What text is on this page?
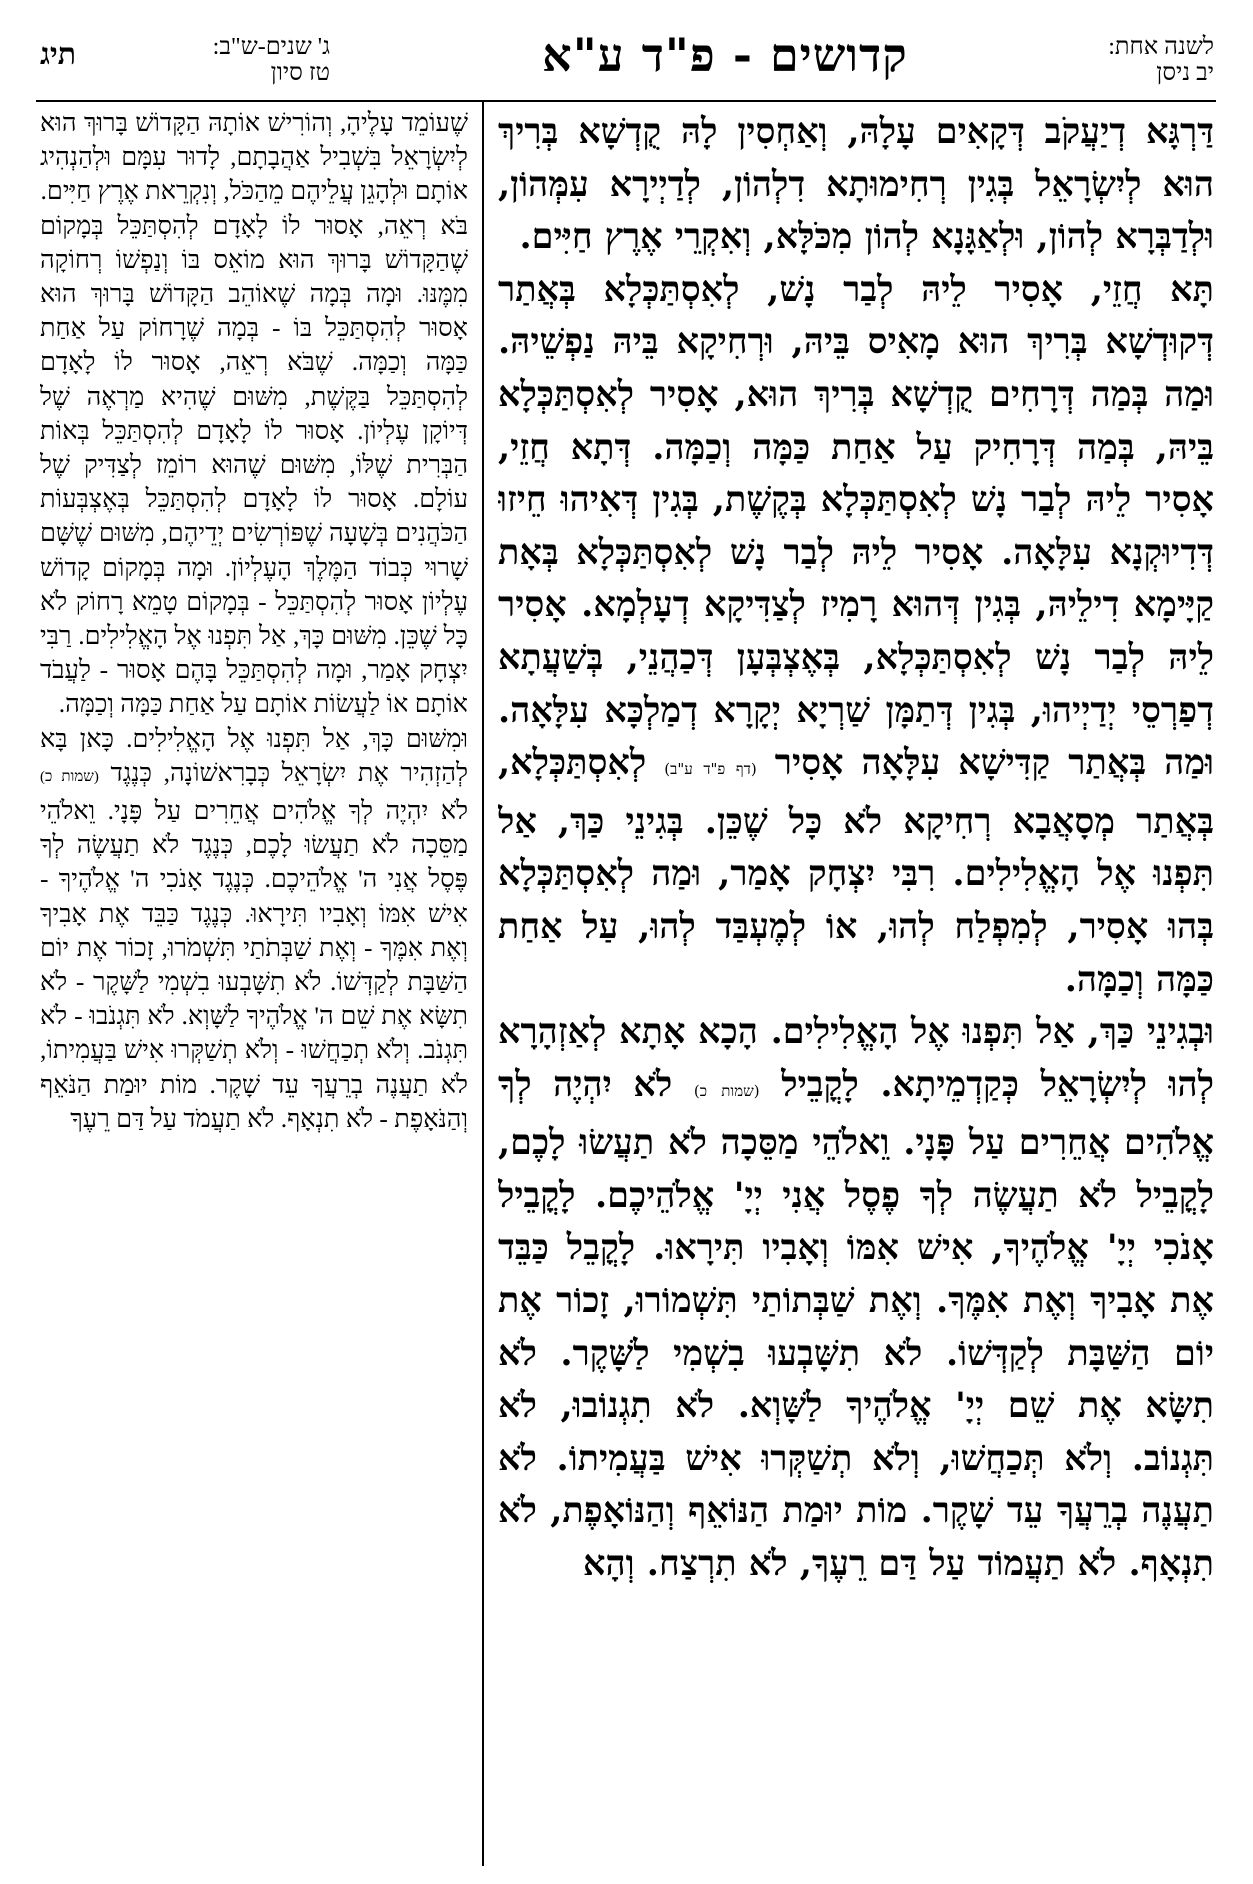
תיג	ג' שנים-ש"ב:
טז סיון	קדושים - פ"ד ע"א	לשנה אחת:
יב ניסן

דַּרְגָּא דְיַעֲקֹב דְּקָאִים עָלָהּ, וְאַחְסִין לָהּ קֻדְשָׁא בְּרִיךְ הוּא לְיִשְׂרָאֵל בְּגִין רְחִימוּתָא דִלְהוֹן, לְדַיְירָא עִמְּהוֹן, וּלְדַבְּרָא לְהוֹן, וּלְאַגָּנָא לְהוֹן מִכֹּלָּא, וְאִקְרֵי אֶרֶץ חַיִּים.

תָּא חֲזֵי, אָסִיר לֵיהּ לְבַר נָשׁ, לְאִסְתַּכְּלָא בְּאֲתַר דְּקוּדְשָׁא בְּרִיךְ הוּא מָאִיס בֵּיהּ, וּרְחִיקָא בֵּיהּ נַפְשֵׁיהּ. וּמַה בְּמַה דְּרָחִים קֻדְשָׁא בְּרִיךְ הוּא, אָסִיר לְאִסְתַּכְּלָא בֵּיהּ, בְּמַה דְּרָחִיק עַל אַחַת כַּמָּה וְכַמָּה. דְּתָא חֲזֵי, אָסִיר לֵיהּ לְבַר נָשׁ לְאִסְתַּכְּלָא בְּקֶשֶׁת, בְּגִין דְּאִיהוּ חֵיזוּ דְּדִיוּקְנָא עִלָּאָה. אָסִיר לֵיהּ לְבַר נָשׁ לְאִסְתַּכְּלָא בְּאָת קַיָּימָא דִילֵיהּ, בְּגִין דְּהוּא רָמִיז לְצַדִּיקָא דְעָלְמָא. אָסִיר לֵיהּ לְבַר נָשׁ לְאִסְתַּכְּלָא, בְּאֶצְבְּעָן דְּכַהֲנֵי, בְּשַׁעֲתָא דְפַרְסֵי יְדַיְיהוּ, בְּגִין דְּתַמָּן שַׁרְיָא יְקָרָא דְמַלְכָּא עִלָּאָה. וּמַה בְּאֲתַר קַדִּישָׁא עִלָּאָה אָסִיר (דף פ"ד ע"ב) לְאִסְתַּכְּלָא, בְּאֲתַר מְסָאֲבָא רְחִיקָא לֹא כָּל שֶׁכֵּן. בְּגִינֵי כַּךְ, אַל תִּפְנוּ אֶל הָאֱלִילִים. רִבִּי יִצְחָק אָמַר, וּמַה לְאִסְתַּכְּלָא בְּהוּ אָסִיר, לְמִפְלַח לְהוּ, אוֹ לְמֶעְבַּד לְהוּ, עַל אַחַת כַּמָּה וְכַמָּה.

וּבְגִינֵי כַּךְ, אַל תִּפְנוּ אֶל הָאֱלִילִים. הָכָא אָתָא לְאַזְהָרָא לְהוּ לְיִשְׂרָאֵל כְּקַדְמֵיתָא. לָקֳבֵיל (שמות כ) לֹא יִהְיֶה לְךָ אֱלֹהִים אֲחֵרִים עַל פָּנָי. וֵאלֹהֵי מַסֵּכָה לֹא תַעֲשׂוּ לָכֶם, לָקֳבֵיל לֹא תַעֲשֶׂה לְךָ פֶסֶל אֲנִי יְיָ' אֱלֹהֵיכֶם. לָקֳבֵיל אָנֹכִי יְיָ' אֱלֹהֶיךָ, אִישׁ אִמּוֹ וְאָבִיו תִּירָאוּ. לָקֳבֵל כַּבֵּד אֶת אָבִיךָ וְאֶת אִמֶּךָ. וְאֶת שַׁבְּתוֹתַי תִּשְׁמוֹרוּ, זָכוֹר אֶת יוֹם הַשַּׁבָּת לְקַדְּשׁוֹ. לֹא תִשָּׁבְעוּ בִשְׁמִי לַשָּׁקֶר. לֹא תִשָּׂא אֶת שֵׁם יְיָ' אֱלֹהֶיךָ לַשָּׁוְא. לֹא תִגְנוֹבוּ, לֹא תִּגְנוֹב. וְלֹא תְּכַחֲשׁוּ, וְלֹא תְשַׁקְּרוּ אִישׁ בַּעֲמִיתוֹ. לֹא תַעֲנֶה בְרֵעֲךָ עֵד שָׁקֶר. מוֹת יוּמַת הַנּוֹאֵף וְהַנּוֹאָפֶת, לֹא תִנְאָף. לֹא תַעֲמוֹד עַל דַּם רֵעֶךָ, לֹא תִרְצַח. וְהָא

שֶׁעוֹמֵד עָלֶיהָ, וְהוֹרִישׁ אוֹתָהּ הַקָּדוֹשׁ בָּרוּךְ הוּא לְיִשְׂרָאֵל בִּשְׁבִיל אַהֲבָתָם, לָדוּר עִמָּם וּלְהַנְהִיג אוֹתָם וּלְהָגֵן עֲלֵיהֶם מֵהַכֹּל, וְנִקְרֵאת אֶרֶץ חַיִּים.

בֹּא רְאֵה, אָסוּר לוֹ לָאָדָם לְהִסְתַּכֵּל בְּמָקוֹם שֶׁהַקָּדוֹשׁ בָּרוּךְ הוּא מוֹאֵס בּוֹ וְנַפְשׁוֹ רְחוֹקָה מִמֶּנּוּ. וּמָה בְּמָה שֶׁאוֹהֵב הַקָּדוֹשׁ בָּרוּךְ הוּא אָסוּר לְהִסְתַּכֵּל בּוֹ - בְּמָה שֶׁרָחוֹק עַל אַחַת כַּמָּה וְכַמָּה. שֶׁבֹּא רְאֵה, אָסוּר לוֹ לָאָדָם לְהִסְתַּכֵּל בַּקֶּשֶׁת, מִשּׁוּם שֶׁהִיא מַרְאֶה שֶׁל דְּיוֹקָן עֶלְיוֹן. אָסוּר לוֹ לָאָדָם לְהִסְתַּכֵּל בְּאוֹת הַבְּרִית שֶׁלּוֹ, מִשּׁוּם שֶׁהוּא רוֹמֵז לְצַדִּיק שֶׁל עוֹלָם. אָסוּר לוֹ לָאָדָם לְהִסְתַּכֵּל בְּאֶצְבְּעוֹת הַכֹּהֲנִים בְּשָׁעָה שֶׁפּוֹרְשִׂים יְדֵיהֶם, מִשּׁוּם שֶׁשָּׁם שָׁרוּי כְּבוֹד הַמֶּלֶךְ הָעֶלְיוֹן. וּמָה בְּמָקוֹם קָדוֹשׁ עֶלְיוֹן אָסוּר לְהִסְתַּכֵּל - בְּמָקוֹם טָמֵא רָחוֹק לֹא כָּל שֶׁכֵּן. מִשּׁוּם כָּךְ, אַל תִּפְנוּ אֶל הָאֱלִילִים. רַבִּי יִצְחָק אָמַר, וּמָה לְהִסְתַּכֵּל בָּהֶם אָסוּר - לַעֲבֹד אוֹתָם אוֹ לַעֲשׂוֹת אוֹתָם עַל אַחַת כַּמָּה וְכַמָּה.

וּמִשּׁוּם כָּךְ, אַל תִּפְנוּ אֶל הָאֱלִילִים. כָּאן בָּא לְהַזְהִיר אֶת יִשְׂרָאֵל כְּבָרִאשׁוֹנָה, כְּנֶגֶד (שמות כ) לֹא יִהְיֶה לְךָ אֱלֹהִים אֲחֵרִים עַל פָּנָי. וֵאלֹהֵי מַסֵּכָה לֹא תַעֲשׂוּ לָכֶם, כְּנֶגֶד לֹא תַעֲשֶׂה לְךָ פֶּסֶל אֲנִי ה' אֱלֹהֵיכֶם. כְּנֶגֶד אָנֹכִי ה' אֱלֹהֶיךָ - אִישׁ אִמּוֹ וְאָבִיו תִּירָאוּ. כְּנֶגֶד כַּבֵּד אֶת אָבִיךָ וְאֶת אִמֶּךָ - וְאֶת שַׁבְּתֹתַי תִּשְׁמֹרוּ, זָכוֹר אֶת יוֹם הַשַּׁבָּת לְקַדְּשׁוֹ. לֹא תִשָּׁבְעוּ בִשְׁמִי לַשָּׁקֶר - לֹא תִשָּׂא אֶת שֵׁם ה' אֱלֹהֶיךָ לַשָּׁוְא. לֹא תִּגְנֹבוּ - לֹא תִּגְנֹב. וְלֹא תְכַחֲשׁוּ - וְלֹא תְשַׁקְּרוּ אִישׁ בַּעֲמִיתוֹ, לֹא תַעֲנֶה בְרֵעֲךָ עֵד שָׁקֶר. מוֹת יוּמַת הַנֹּאֵף וְהַנֹּאָפֶת - לֹא תִנְאָף. לֹא תַעֲמֹד עַל דַּם רֵעֶךָ
